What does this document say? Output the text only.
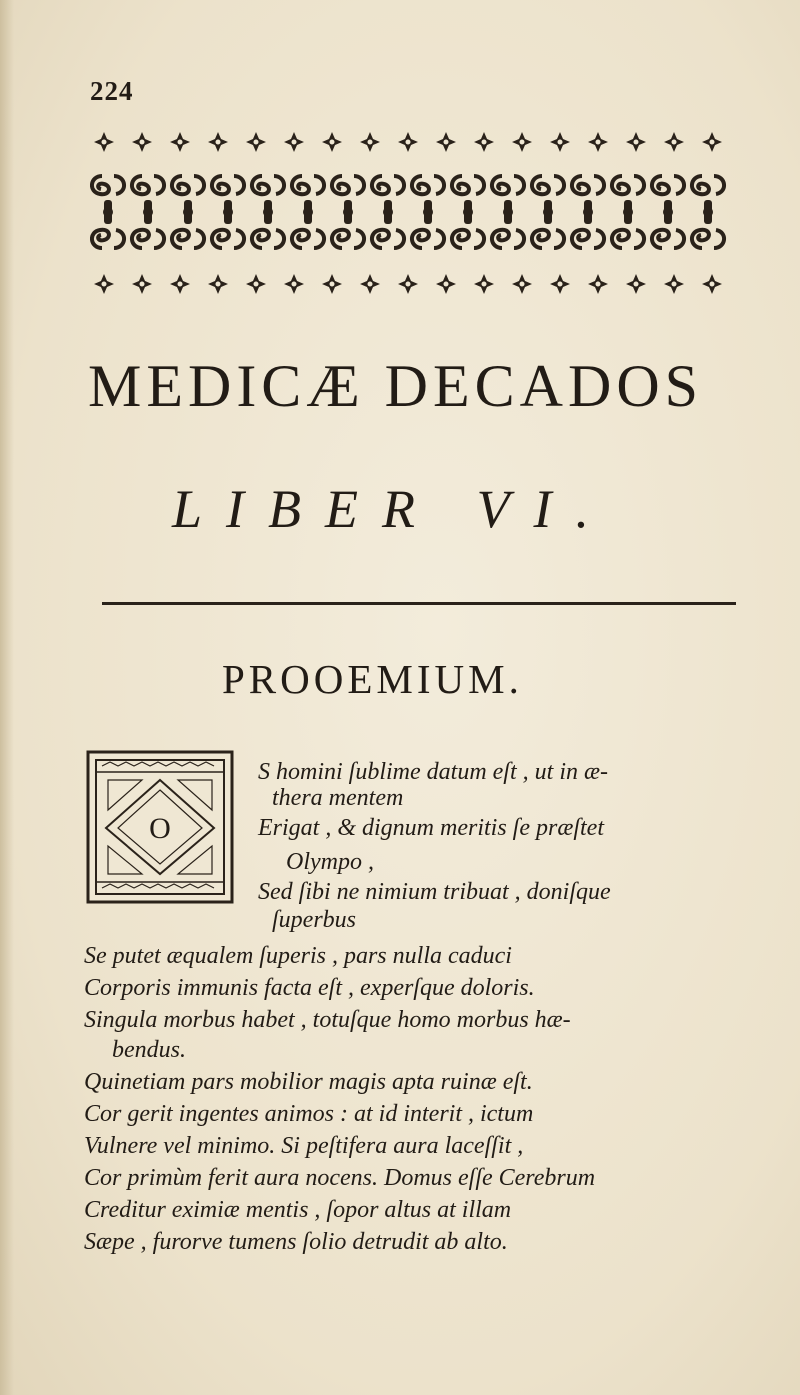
224
MEDICÆ DECADOS
LIBER VI.
PROOEMIUM.
O
S homini ſublime datum eſt , ut in æ-
thera mentem
Erigat , & dignum meritis ſe præſtet
Olympo ,
Sed ſibi ne nimium tribuat , doniſque
ſuperbus
Se putet æqualem ſuperis , pars nulla caduci
Corporis immunis facta eſt , experſque doloris.
Singula morbus habet , totuſque homo morbus hæ-
bendus.
Quinetiam pars mobilior magis apta ruinæ eſt.
Cor gerit ingentes animos : at id interit , ictum
Vulnere vel minimo. Si peſtifera aura laceſſit ,
Cor primùm ferit aura nocens. Domus eſſe Cerebrum
Creditur eximiæ mentis , ſopor altus at illam
Sæpe , furorve tumens ſolio detrudit ab alto.
